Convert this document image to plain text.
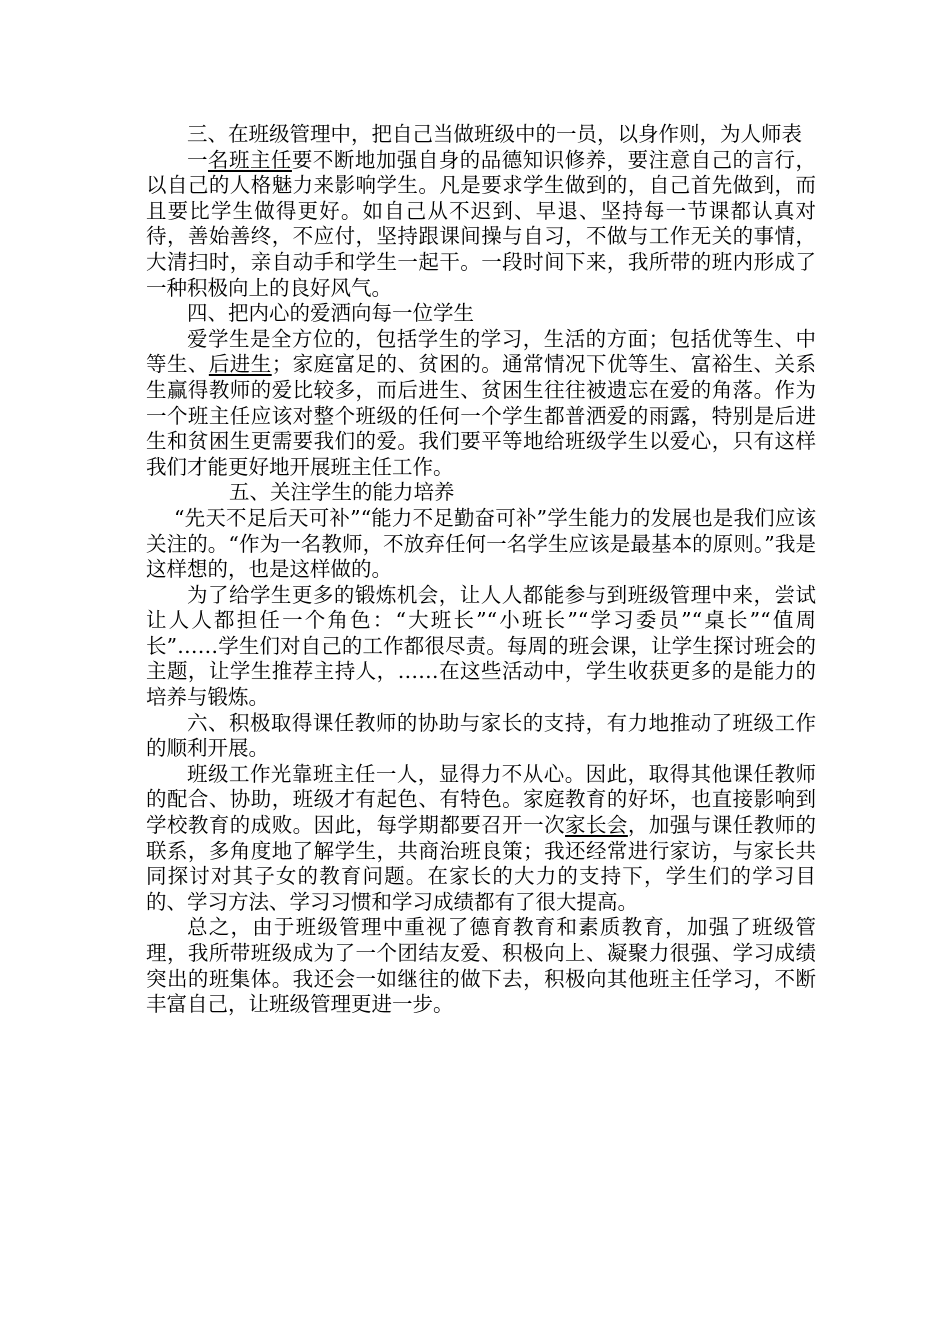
三、在班级管理中，把自己当做班级中的一员，以身作则，为人师表

一名班主任要不断地加强自身的品德知识修养，要注意自己的言行，以自己的人格魅力来影响学生。凡是要求学生做到的，自己首先做到，而且要比学生做得更好。如自己从不迟到、早退、坚持每一节课都认真对待，善始善终，不应付，坚持跟课间操与自习，不做与工作无关的事情，大清扫时，亲自动手和学生一起干。一段时间下来，我所带的班内形成了一种积极向上的良好风气。

四、把内心的爱洒向每一位学生

爱学生是全方位的，包括学生的学习，生活的方面；包括优等生、中等生、后进生；家庭富足的、贫困的。通常情况下优等生、富裕生、关系生赢得教师的爱比较多，而后进生、贫困生往往被遗忘在爱的角落。作为一个班主任应该对整个班级的任何一个学生都普洒爱的雨露，特别是后进生和贫困生更需要我们的爱。我们要平等地给班级学生以爱心，只有这样我们才能更好地开展班主任工作。

五、关注学生的能力培养

“先天不足后天可补”“能力不足勤奋可补”学生能力的发展也是我们应该关注的。“作为一名教师，不放弃任何一名学生应该是最基本的原则。”我是这样想的，也是这样做的。

为了给学生更多的锻炼机会，让人人都能参与到班级管理中来，尝试让人人都担任一个角色：“大班长”“小班长”“学习委员”“桌长”“值周长”……学生们对自己的工作都很尽责。每周的班会课，让学生探讨班会的主题，让学生推荐主持人，……在这些活动中，学生收获更多的是能力的培养与锻炼。

六、积极取得课任教师的协助与家长的支持，有力地推动了班级工作的顺利开展。

班级工作光靠班主任一人，显得力不从心。因此，取得其他课任教师的配合、协助，班级才有起色、有特色。家庭教育的好坏，也直接影响到学校教育的成败。因此，每学期都要召开一次家长会，加强与课任教师的联系，多角度地了解学生，共商治班良策；我还经常进行家访，与家长共同探讨对其子女的教育问题。在家长的大力的支持下，学生们的学习目的、学习方法、学习习惯和学习成绩都有了很大提高。

总之，由于班级管理中重视了德育教育和素质教育，加强了班级管理，我所带班级成为了一个团结友爱、积极向上、凝聚力很强、学习成绩突出的班集体。我还会一如继往的做下去，积极向其他班主任学习，不断丰富自己，让班级管理更进一步。
